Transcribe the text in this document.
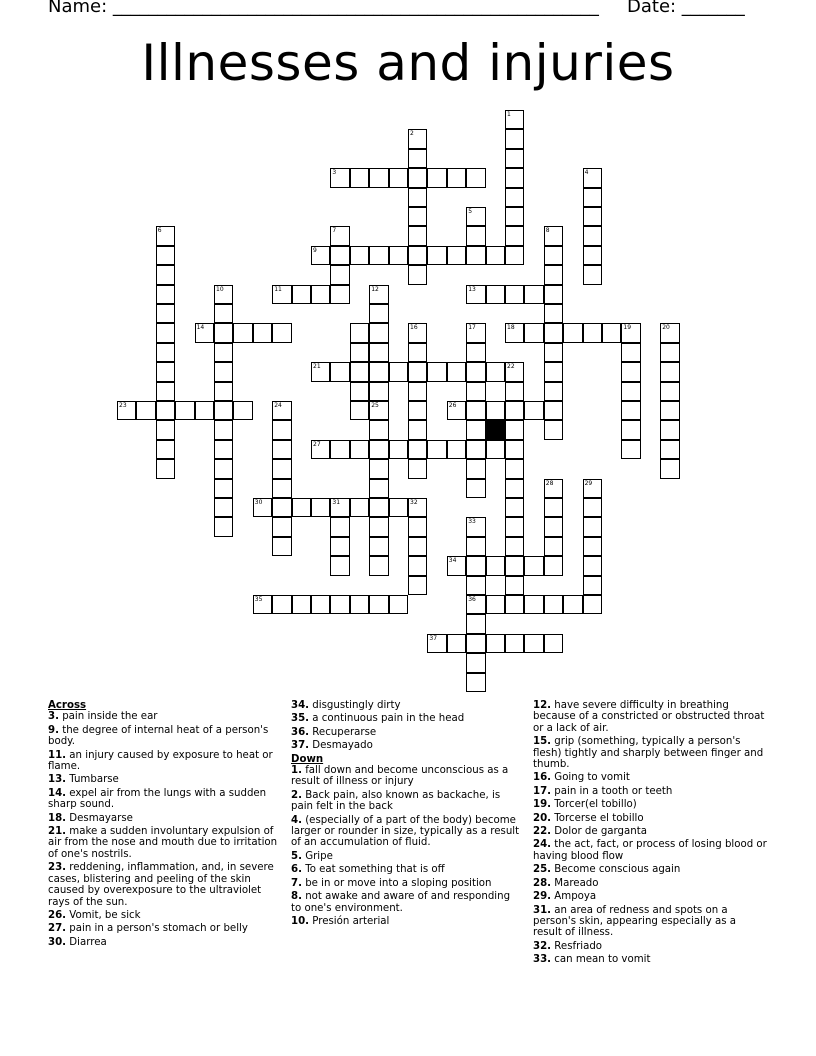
Name: ______________________________________________________ Date: _______
Illnesses and injuries
3
9
11	13
14	18	19
21
23	26
27
30	31	32
34
35	36
37
1
2
4
5
6	7	8
10	12
25
16	17	20
22
24
28	29
33
Across
3. pain inside the ear
9. the degree of internal heat of a person's body.
11. an injury caused by exposure to heat or flame.
13. Tumbarse
14. expel air from the lungs with a sudden sharp sound.
18. Desmayarse
21. make a sudden involuntary expulsion of air from the nose and mouth due to irritation of one's nostrils.
23. reddening, inflammation, and, in severe cases, blistering and peeling of the skin caused by overexposure to the ultraviolet rays of the sun.
26. Vomit, be sick
27. pain in a person's stomach or belly
30. Diarrea
34. disgustingly dirty
35. a continuous pain in the head
36. Recuperarse
37. Desmayado
Down
1. fall down and become unconscious as a result of illness or injury
2. Back pain, also known as backache, is pain felt in the back
4. (especially of a part of the body) become larger or rounder in size, typically as a result of an accumulation of fluid.
5. Gripe
6. To eat something that is off
7. be in or move into a sloping position
8. not awake and aware of and responding to one's environment.
10. Presión arterial
12. have severe difficulty in breathing because of a constricted or obstructed throat or a lack of air.
15. grip (something, typically a person's flesh) tightly and sharply between finger and thumb.
16. Going to vomit
17. pain in a tooth or teeth
19. Torcer(el tobillo)
20. Torcerse el tobillo
22. Dolor de garganta
24. the act, fact, or process of losing blood or having blood flow
25. Become conscious again
28. Mareado
29. Ampoya
31. an area of redness and spots on a person's skin, appearing especially as a result of illness.
32. Resfriado
33. can mean to vomit
